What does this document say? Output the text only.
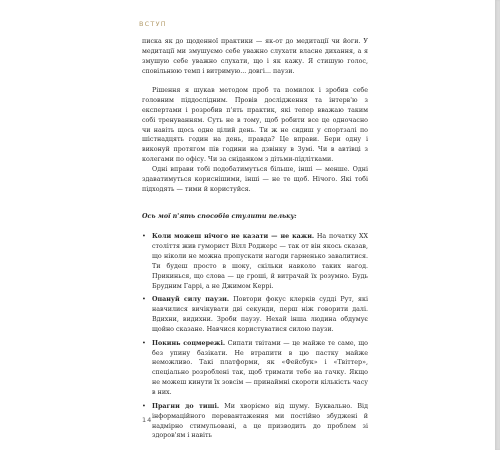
ВСТУП

писка як до щоденної практики — як-от до медитації чи йоги. У медитації ми змушуємо себе уважно слухати власне дихання, а я змушую себе уважно слухати, що і як кажу. Я стишую голос, сповільнюю темп і витримую... довгі... паузи.

Рішення я шукав методом проб та помилок і зробив себе головним піддослідним. Провів дослідження та інтерв'ю з експертами і розробив п'ять практик, які тепер вважаю таким собі тренуванням. Суть не в тому, щоб робити все це одночасно чи навіть щось одне цілий день. Ти ж не сидиш у спортзалі по шістнадцять годин на день, правда? Це вправи. Бери одну і виконуй протягом пів години на дзвінку в Зумі. Чи в автівці з колегами по офісу. Чи за сніданком з дітьми-підлітками.

Одні вправи тобі подобатимуться більше, інші — менше. Одні здаватимуться кориснішими, інші — не те щоб. Нічого. Які тобі підходять — тими й користуйся.

Ось мої п'ять способів стулити пельку:

• Коли можеш нічого не казати — не кажи. На початку XX століття жив гуморист Вілл Роджерс — так от він якось сказав, що ніколи не можна пропускати нагоди гарненько завалитися. Ти будеш просто в шоку, скільки навколо таких нагод. Прикинься, що слова — це гроші, й витрачай їх розумно. Будь Брудним Гаррі, а не Джимом Керрі.
• Опануй силу паузи. Повтори фокус клерків судді Рут, які навчилися вичікувати дві секунди, перш ніж говорити далі. Вдихни, видихни. Зроби паузу. Нехай інша людина обдумує щойно сказане. Навчися користуватися силою паузи.
• Покинь соцмережі. Сипати твітами — це майже те саме, що без упину базікати. Не втрапити в цю пастку майже неможливо. Такі платформи, як «Фейсбук» і «Твіттер», спеціально розроблені так, щоб тримати тебе на гачку. Якщо не можеш кинути їх зовсім — принаймні скороти кількість часу в них.
• Прагни до тиші. Ми хворіємо від шуму. Буквально. Від інформаційного перевантаження ми постійно збуджені й надмірно стимульовані, а це призводить до проблем зі здоров'ям і навіть
14
